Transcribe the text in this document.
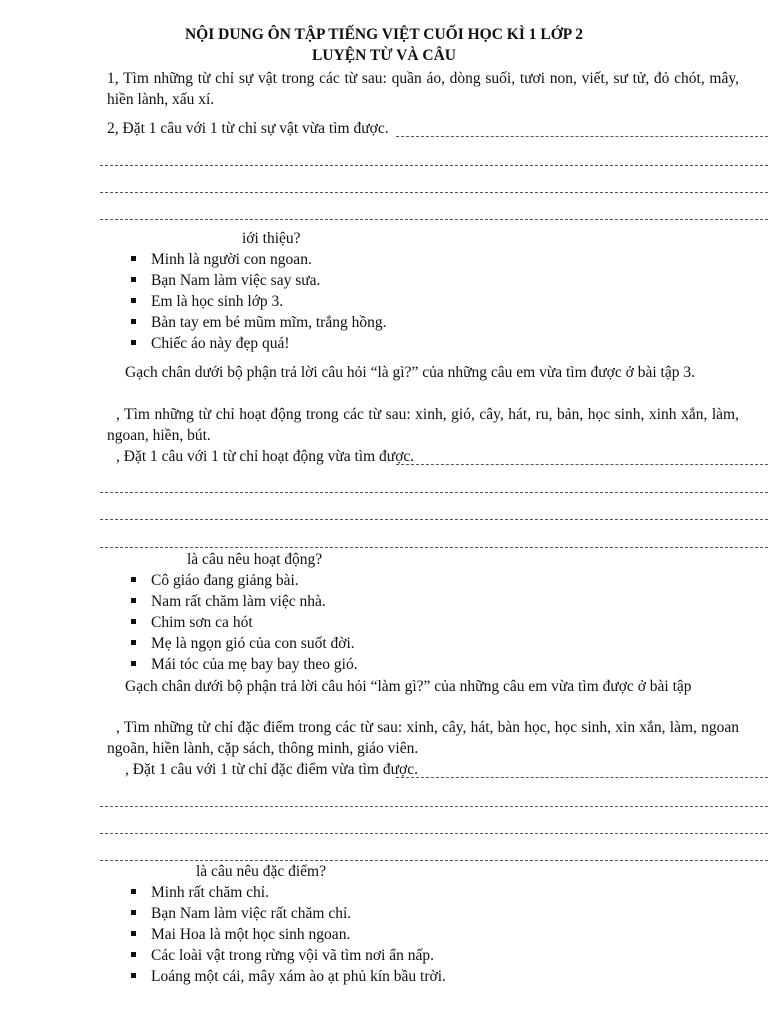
NỘI DUNG ÔN TẬP TIẾNG VIỆT CUỐI HỌC KÌ 1 LỚP 2
LUYỆN TỪ VÀ CÂU
1, Tìm những từ chỉ sự vật trong các từ sau: quần áo, dòng suối, tươi non, viết, sư tử, đỏ chót, mây, hiền lành, xấu xí.
2, Đặt 1 câu với 1 từ chỉ sự vật vừa tìm được.
iới thiệu?
Minh là người con ngoan.
Bạn Nam làm việc say sưa.
Em là học sinh lớp 3.
Bàn tay em bé mũm mĩm, trắng hồng.
Chiếc áo này đẹp quá!
Gạch chân dưới bộ phận trả lời câu hỏi “là gì?” của những câu em vừa tìm được ở bài tập 3.
, Tìm những từ chỉ hoạt động trong các từ sau: xinh, gió, cây, hát, ru, bản, học sinh, xinh xắn, làm, ngoan, hiền, bút.
, Đặt 1 câu với 1 từ chỉ hoạt động vừa tìm được.
là câu nêu hoạt động?
Cô giáo đang giảng bài.
Nam rất chăm làm việc nhà.
Chim sơn ca hót
Mẹ là ngọn gió của con suốt đời.
Mái tóc của mẹ bay bay theo gió.
Gạch chân dưới bộ phận trả lời câu hỏi “làm gì?” của những câu em vừa tìm được ở bài tập
, Tìm những từ chỉ đặc điểm trong các từ sau: xinh, cây, hát, bàn học, học sinh, xin xắn, làm, ngoan ngoãn, hiền lành, cặp sách, thông minh, giáo viên.
, Đặt 1 câu với 1 từ chỉ đặc điểm vừa tìm được.
là câu nêu đặc điểm?
Minh rất chăm chỉ.
Bạn Nam làm việc rất chăm chỉ.
Mai Hoa là một học sinh ngoan.
Các loài vật trong rừng vội vã tìm nơi ẩn nấp.
Loáng một cái, mây xám ào ạt phủ kín bầu trời.
